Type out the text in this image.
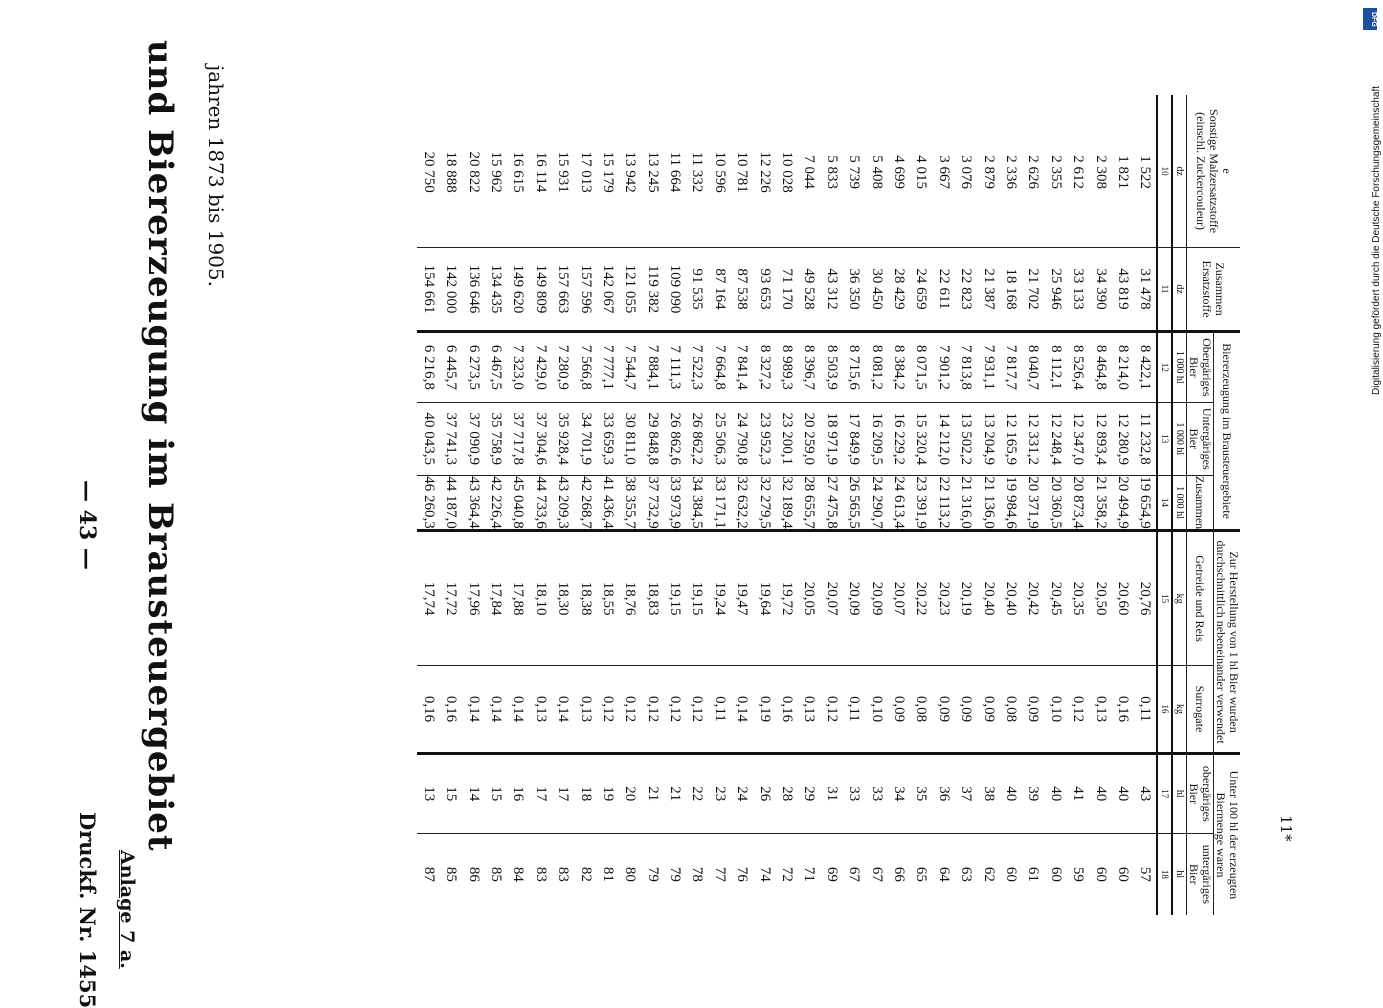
und Biererzeugung im Brausteuergebiet jahren 1873 bis 1905.
— 43 —
Druckf. Nr. 1455 Anlage 7 a.
11*
e
Sonstige Malzersatzstoffe (einschl. Zuckercouleur)	Zusammen Ersatzstoffe	Biererzeugung im Brausteuergebiete			Zur Herstellung von 1 hl Bier wurden durchschnittlich nebeneinander verwendet		Unter 100 hl der erzeugten Biermenge waren	
		Obergäriges Bier	Untergäriges Bier	Zusammen	Getreide und Reis	Surrogate	obergäriges Bier	untergäriges Bier
dz	dz	1 000 hl	1 000 hl	1 000 hl	kg	kg	hl	hl
10	11	12	13	14	15	16	17	18
1 522	31 478	8 422,1	11 232,8	19 654,9	20,76	0,11	43	57
1 821	43 819	8 214,0	12 280,9	20 494,9	20,60	0,16	40	60
2 308	34 390	8 464,8	12 893,4	21 358,2	20,50	0,13	40	60
2 612	33 133	8 526,4	12 347,0	20 873,4	20,35	0,12	41	59
2 355	25 946	8 112,1	12 248,4	20 360,5	20,45	0,10	40	60
2 626	21 702	8 040,7	12 331,2	20 371,9	20,42	0,09	39	61
2 336	18 168	7 817,7	12 165,9	19 984,6	20,40	0,08	40	60
2 879	21 387	7 931,1	13 204,9	21 136,0	20,40	0,09	38	62
3 076	22 823	7 813,8	13 502,2	21 316,0	20,19	0,09	37	63
3 667	22 611	7 901,2	14 212,0	22 113,2	20,23	0,09	36	64
4 015	24 659	8 071,5	15 320,4	23 391,9	20,22	0,08	35	65
4 699	28 429	8 384,2	16 229,2	24 613,4	20,07	0,09	34	66
5 408	30 450	8 081,2	16 209,5	24 290,7	20,09	0,10	33	67
5 739	36 350	8 715,6	17 849,9	26 565,5	20,09	0,11	33	67
5 833	43 312	8 503,9	18 971,9	27 475,8	20,07	0,12	31	69
7 044	49 528	8 396,7	20 259,0	28 655,7	20,05	0,13	29	71
10 028	71 170	8 989,3	23 200,1	32 189,4	19,72	0,16	28	72
12 226	93 653	8 327,2	23 952,3	32 279,5	19,64	0,19	26	74
10 781	87 538	7 841,4	24 790,8	32 632,2	19,47	0,14	24	76
10 596	87 164	7 664,8	25 506,3	33 171,1	19,24	0,11	23	77
11 332	91 535	7 522,3	26 862,2	34 384,5	19,15	0,12	22	78
11 664	109 090	7 111,3	26 862,6	33 973,9	19,15	0,12	21	79
13 245	119 382	7 884,1	29 848,8	37 732,9	18,83	0,12	21	79
13 942	121 055	7 544,7	30 811,0	38 355,7	18,76	0,12	20	80
15 179	142 067	7 777,1	33 659,3	41 436,4	18,55	0,12	19	81
17 013	157 596	7 566,8	34 701,9	42 268,7	18,38	0,13	18	82
15 931	157 663	7 280,9	35 928,4	43 209,3	18,30	0,14	17	83
16 114	149 809	7 429,0	37 304,6	44 733,6	18,10	0,13	17	83
16 615	149 620	7 323,0	37 717,8	45 040,8	17,88	0,14	16	84
15 962	134 435	6 467,5	35 758,9	42 226,4	17,84	0,14	15	85
20 822	136 646	6 273,5	37 090,9	43 364,4	17,96	0,14	14	86
18 888	142 000	6 445,7	37 741,3	44 187,0	17,72	0,16	15	85
20 750	154 661	6 216,8	40 043,5	46 260,3	17,74	0,16	13	87
Digitalisierung gefördert durch die Deutsche Forschungsgemeinschaft
DFG
